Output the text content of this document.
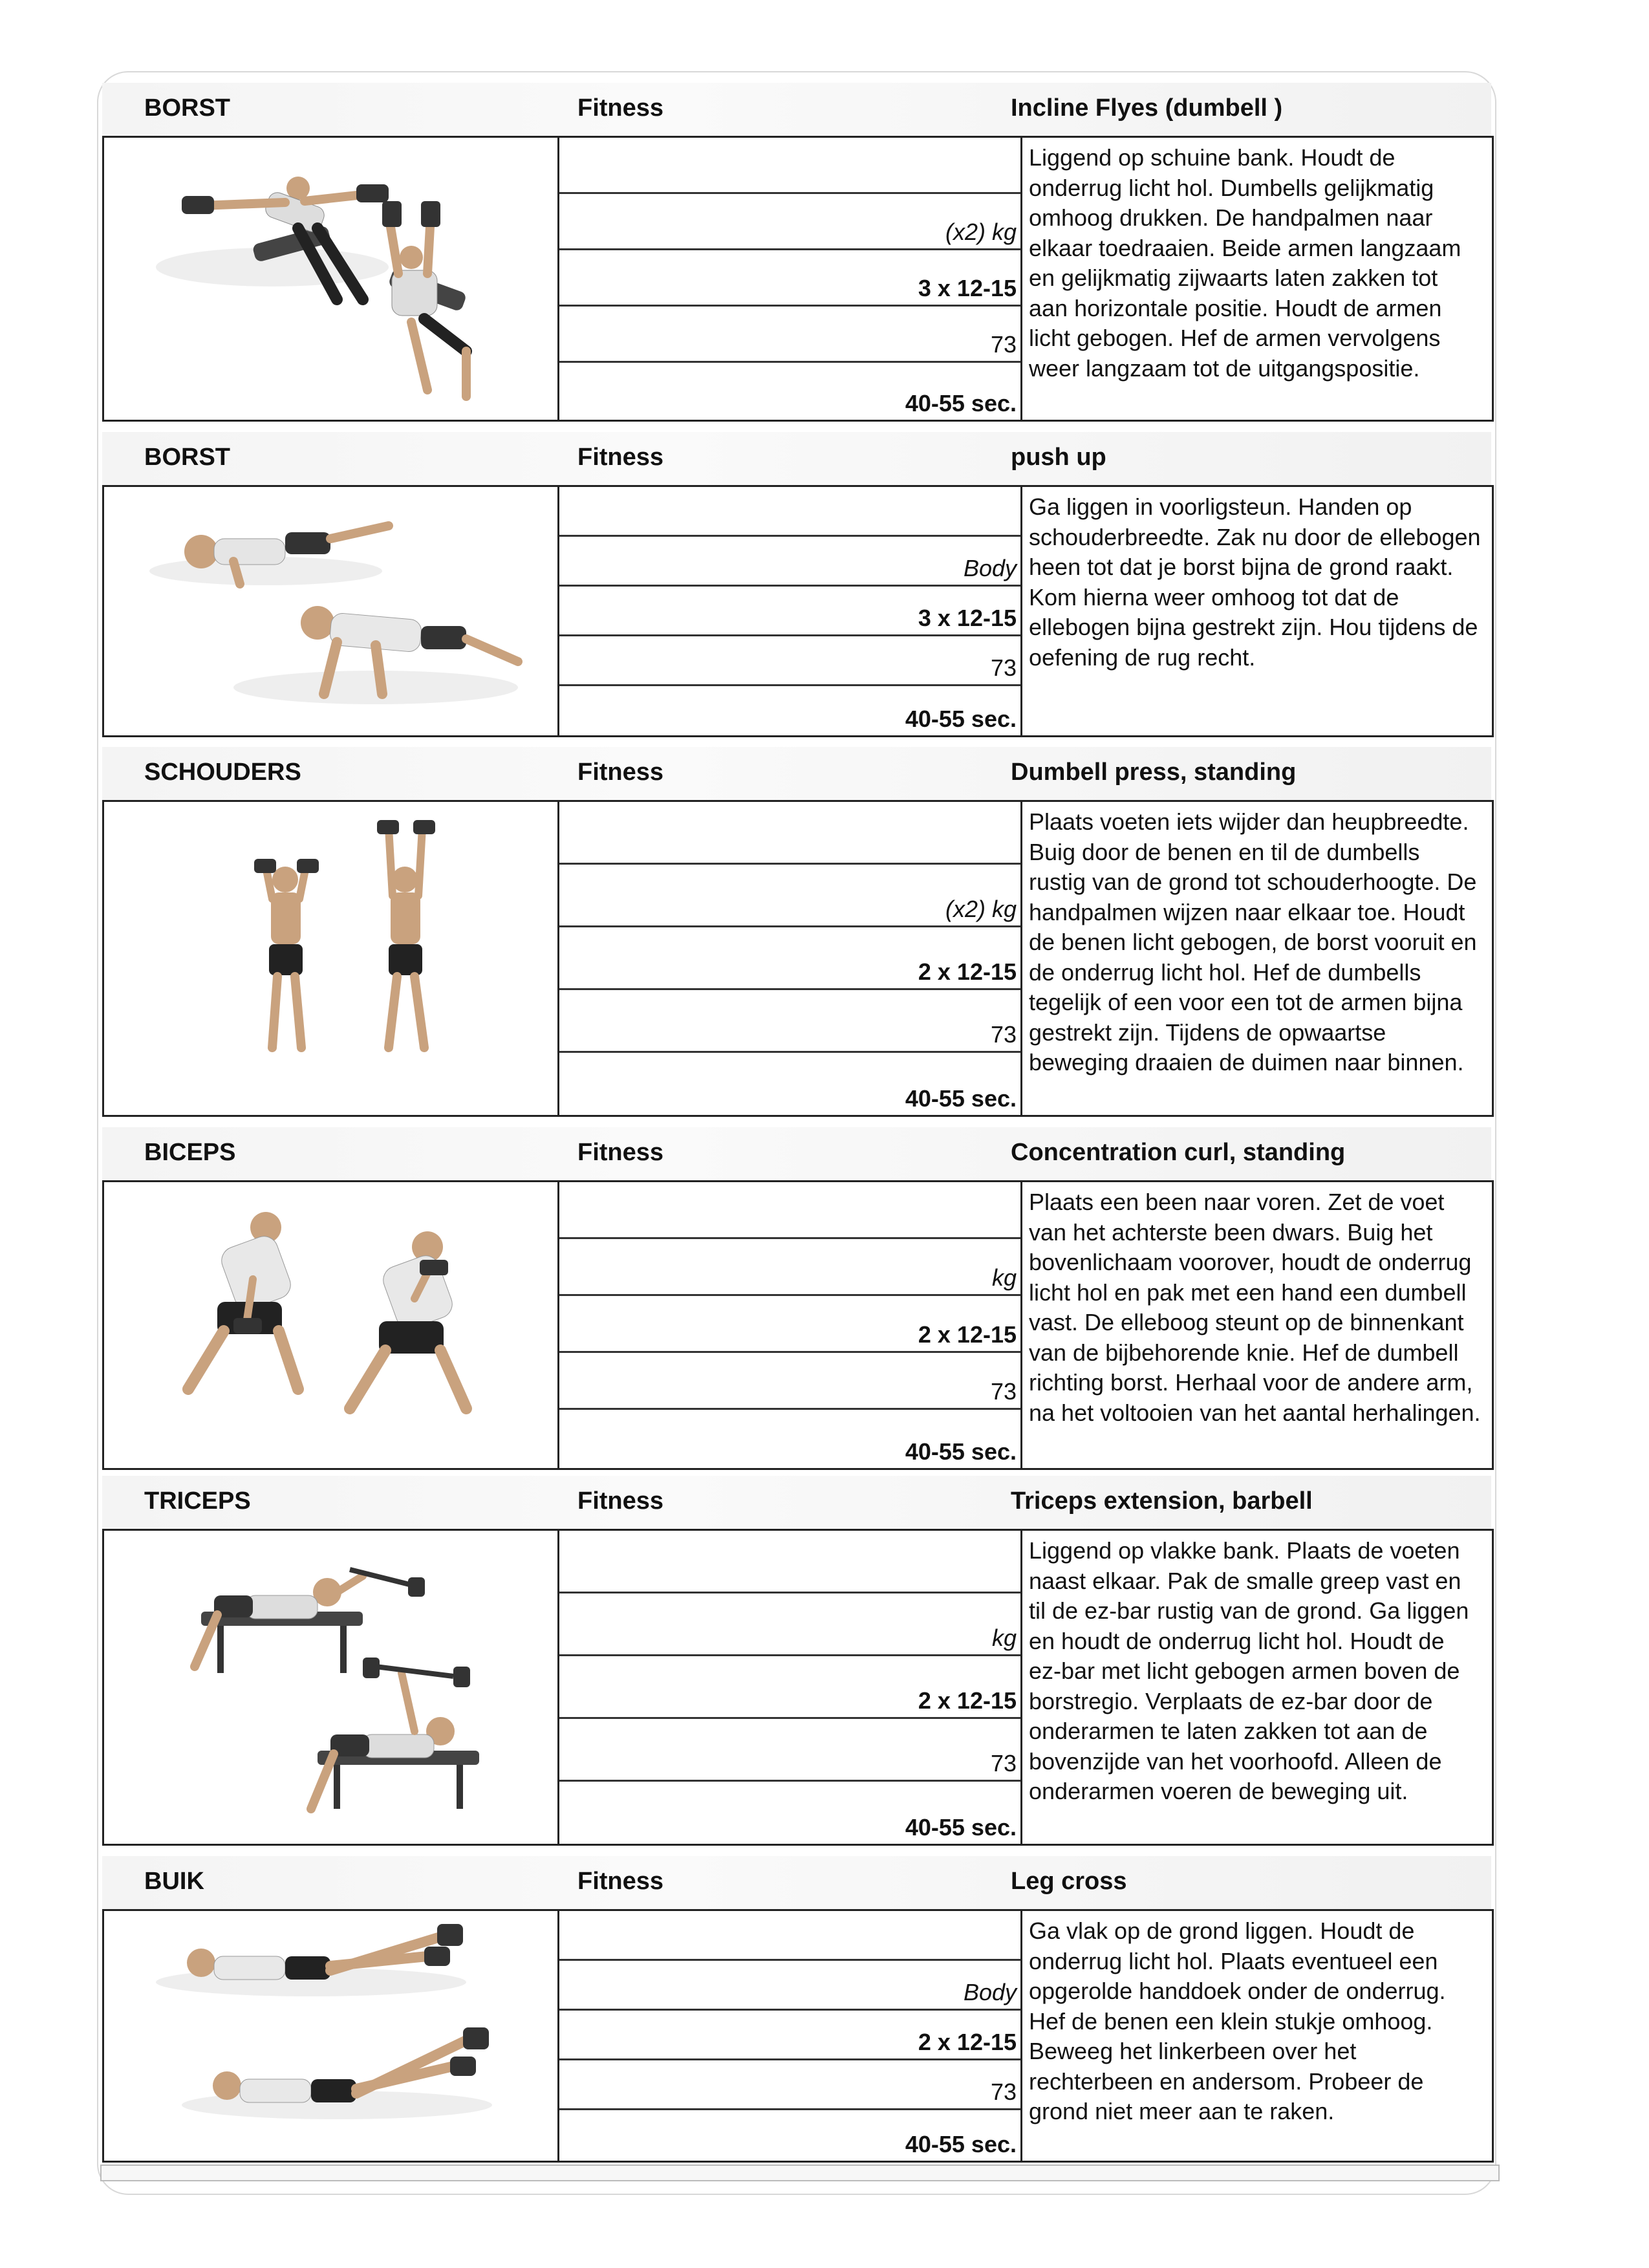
BORST	Fitness	Incline Flyes (dumbell )
(x2) kg
3 x 12-15
73
40-55 sec.
Liggend op schuine bank. Houdt de onderrug licht hol. Dumbells gelijkmatig omhoog drukken. De handpalmen naar elkaar toedraaien. Beide armen langzaam en gelijkmatig zijwaarts laten zakken tot aan horizontale positie. Houdt de armen licht gebogen. Hef de armen vervolgens weer langzaam tot de uitgangspositie.
BORST	Fitness	push up
Body
3 x 12-15
73
40-55 sec.
Ga liggen in voorligsteun. Handen op schouderbreedte. Zak nu door de ellebogen heen tot dat je borst bijna de grond raakt. Kom hierna weer omhoog tot dat de ellebogen bijna gestrekt zijn. Hou tijdens de oefening de rug recht.
SCHOUDERS	Fitness	Dumbell press, standing
(x2) kg
2 x 12-15
73
40-55 sec.
Plaats voeten iets wijder dan heupbreedte. Buig door de benen en til de dumbells rustig van de grond tot schouderhoogte. De handpalmen wijzen naar elkaar toe. Houdt de benen licht gebogen, de borst vooruit en de onderrug licht hol. Hef de dumbells tegelijk of een voor een tot de armen bijna gestrekt zijn. Tijdens de opwaartse beweging draaien de duimen naar binnen.
BICEPS	Fitness	Concentration curl, standing
kg
2 x 12-15
73
40-55 sec.
Plaats een been naar voren. Zet de voet van het achterste been dwars. Buig het bovenlichaam voorover, houdt de onderrug licht hol en pak met een hand een dumbell vast. De elleboog steunt op de binnenkant van de bijbehorende knie. Hef de dumbell richting borst. Herhaal voor de andere arm, na het voltooien van het aantal herhalingen.
TRICEPS	Fitness	Triceps extension, barbell
kg
2 x 12-15
73
40-55 sec.
Liggend op vlakke bank. Plaats de voeten naast elkaar. Pak de smalle greep vast en til de ez-bar rustig van de grond. Ga liggen en houdt de onderrug licht hol. Houdt de ez-bar met licht gebogen armen boven de borstregio. Verplaats de ez-bar door de onderarmen te laten zakken tot aan de bovenzijde van het voorhoofd. Alleen de onderarmen voeren de beweging uit.
BUIK	Fitness	Leg cross
Body
2 x 12-15
73
40-55 sec.
Ga vlak op de grond liggen. Houdt de onderrug licht hol. Plaats eventueel een opgerolde handdoek onder de onderrug. Hef de benen een klein stukje omhoog. Beweeg het linkerbeen over het rechterbeen en andersom. Probeer de grond niet meer aan te raken.
